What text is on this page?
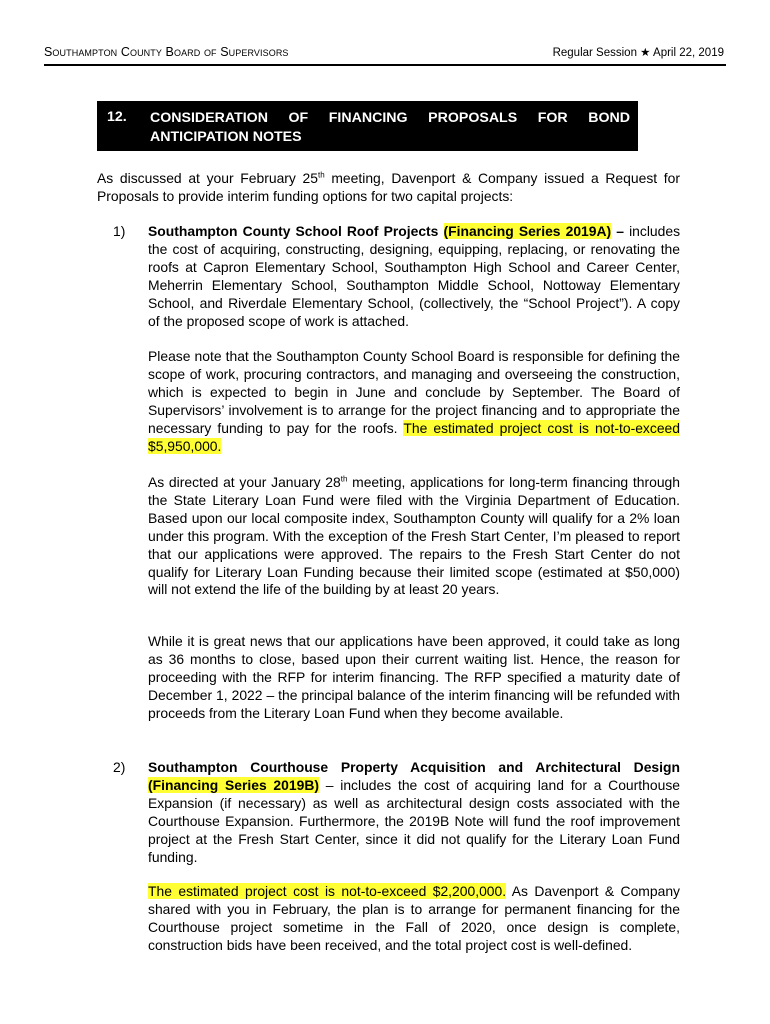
Southampton County Board of Supervisors	Regular Session ★ April 22, 2019
12. CONSIDERATION OF FINANCING PROPOSALS FOR BOND
ANTICIPATION NOTES

As discussed at your February 25th meeting, Davenport & Company issued a Request for Proposals to provide interim funding options for two capital projects:

1) Southampton County School Roof Projects (Financing Series 2019A) – includes the cost of acquiring, constructing, designing, equipping, replacing, or renovating the roofs at Capron Elementary School, Southampton High School and Career Center, Meherrin Elementary School, Southampton Middle School, Nottoway Elementary School, and Riverdale Elementary School, (collectively, the “School Project”). A copy of the proposed scope of work is attached.

Please note that the Southampton County School Board is responsible for defining the scope of work, procuring contractors, and managing and overseeing the construction, which is expected to begin in June and conclude by September. The Board of Supervisors’ involvement is to arrange for the project financing and to appropriate the necessary funding to pay for the roofs. The estimated project cost is not-to-exceed $5,950,000.

As directed at your January 28th meeting, applications for long-term financing through the State Literary Loan Fund were filed with the Virginia Department of Education. Based upon our local composite index, Southampton County will qualify for a 2% loan under this program. With the exception of the Fresh Start Center, I’m pleased to report that our applications were approved. The repairs to the Fresh Start Center do not qualify for Literary Loan Funding because their limited scope (estimated at $50,000) will not extend the life of the building by at least 20 years.

While it is great news that our applications have been approved, it could take as long as 36 months to close, based upon their current waiting list. Hence, the reason for proceeding with the RFP for interim financing. The RFP specified a maturity date of December 1, 2022 – the principal balance of the interim financing will be refunded with proceeds from the Literary Loan Fund when they become available.

2) Southampton Courthouse Property Acquisition and Architectural Design (Financing Series 2019B) – includes the cost of acquiring land for a Courthouse Expansion (if necessary) as well as architectural design costs associated with the Courthouse Expansion. Furthermore, the 2019B Note will fund the roof improvement project at the Fresh Start Center, since it did not qualify for the Literary Loan Fund funding.

The estimated project cost is not-to-exceed $2,200,000. As Davenport & Company shared with you in February, the plan is to arrange for permanent financing for the Courthouse project sometime in the Fall of 2020, once design is complete, construction bids have been received, and the total project cost is well-defined.
